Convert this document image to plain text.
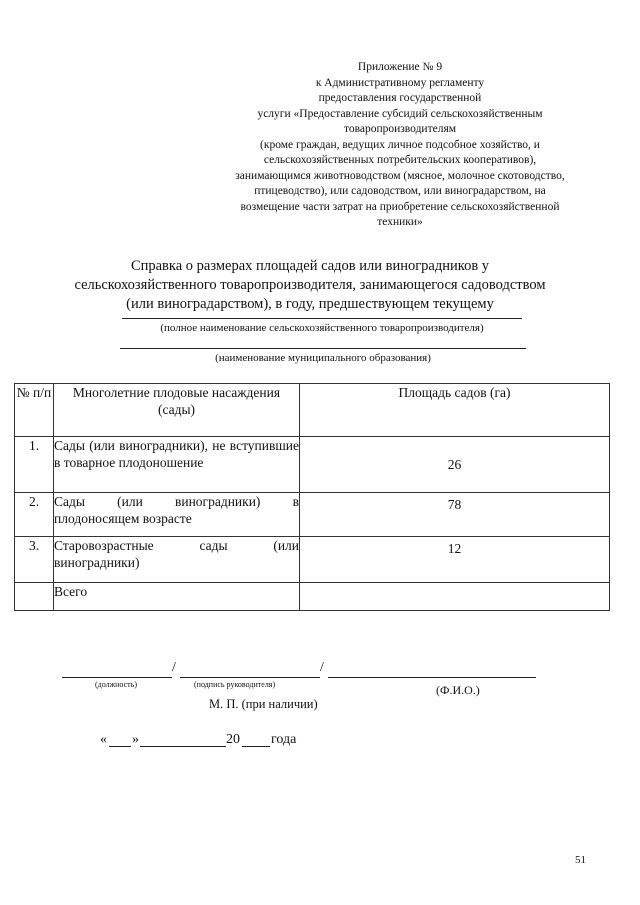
Приложение № 9
к Административному регламенту
предоставления государственной
услуги «Предоставление субсидий сельскохозяйственным
товаропроизводителям
(кроме граждан, ведущих личное подсобное хозяйство, и
сельскохозяйственных потребительских кооперативов),
занимающимся животноводством (мясное, молочное скотоводство,
птицеводство), или садоводством, или виноградарством, на
возмещение части затрат на приобретение сельскохозяйственной
техники»
Справка о размерах площадей садов или виноградников у
сельскохозяйственного товаропроизводителя, занимающегося садоводством
(или виноградарством), в году, предшествующем текущему
(полное наименование сельскохозяйственного товаропроизводителя)
(наименование муниципального образования)
№ п/п	Многолетние плодовые насаждения (сады)	Площадь садов (га)
1.	Сады (или виноградники), не вступившие в товарное плодоношение	26
2.	Сады (или виноградники) в плодоносящем возрасте	78
3.	Старовозрастные сады (или виноградники)	12
	Всего	
/	/
(должность)	(подпись руководителя)	(Ф.И.О.)
М. П. (при наличии)
« »	20 года
51
